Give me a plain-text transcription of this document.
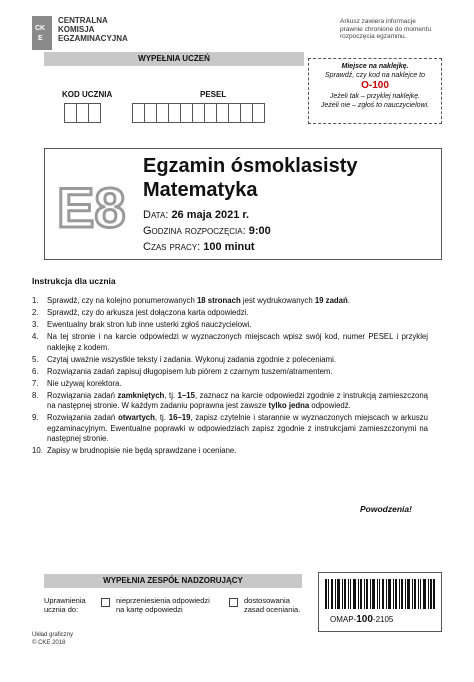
CK
E
CENTRALNA
KOMISJA
EGZAMINACYJNA
Arkusz zawiera informacje
prawnie chronione do momentu
rozpoczęcia egzaminu.
WYPEŁNIA UCZEŃ
KOD UCZNIA	PESEL
Miejsce na naklejkę.
Sprawdź, czy kod na naklejce to
O-100
Jeżeli tak – przyklej naklejkę.
Jeżeli nie – zgłoś to nauczycielowi.
E8
Egzamin ósmoklasisty
Matematyka
Data: 26 maja 2021 r.
Godzina rozpoczęcia: 9:00
Czas pracy: 100 minut
Instrukcja dla ucznia
1.	Sprawdź, czy na kolejno ponumerowanych 18 stronach jest wydrukowanych 19 zadań.
2.	Sprawdź, czy do arkusza jest dołączona karta odpowiedzi.
3.	Ewentualny brak stron lub inne usterki zgłoś nauczycielowi.
4.	Na tej stronie i na karcie odpowiedzi w wyznaczonych miejscach wpisz swój kod, numer PESEL i przyklej naklejkę z kodem.
5.	Czytaj uważnie wszystkie teksty i zadania. Wykonuj zadania zgodnie z poleceniami.
6.	Rozwiązania zadań zapisuj długopisem lub piórem z czarnym tuszem/atramentem.
7.	Nie używaj korektora.
8.	Rozwiązania zadań zamkniętych, tj. 1–15, zaznacz na karcie odpowiedzi zgodnie z instrukcją zamieszczoną na następnej stronie. W każdym zadaniu poprawna jest zawsze tylko jedna odpowiedź.
9.	Rozwiązania zadań otwartych, tj. 16–19, zapisz czytelnie i starannie w wyznaczonych miejscach w arkuszu egzaminacyjnym. Ewentualne poprawki w odpowiedziach zapisz zgodnie z instrukcjami zamieszczonymi na następnej stronie.
10. Zapisy w brudnopisie nie będą sprawdzane i oceniane.
Powodzenia!
WYPEŁNIA ZESPÓŁ NADZORUJĄCY
Uprawnienia
ucznia do:
nieprzeniesienia odpowiedzi
na kartę odpowiedzi
dostosowania
zasad oceniania.
OMAP-100-2105
Układ graficzny
© CKE 2018
